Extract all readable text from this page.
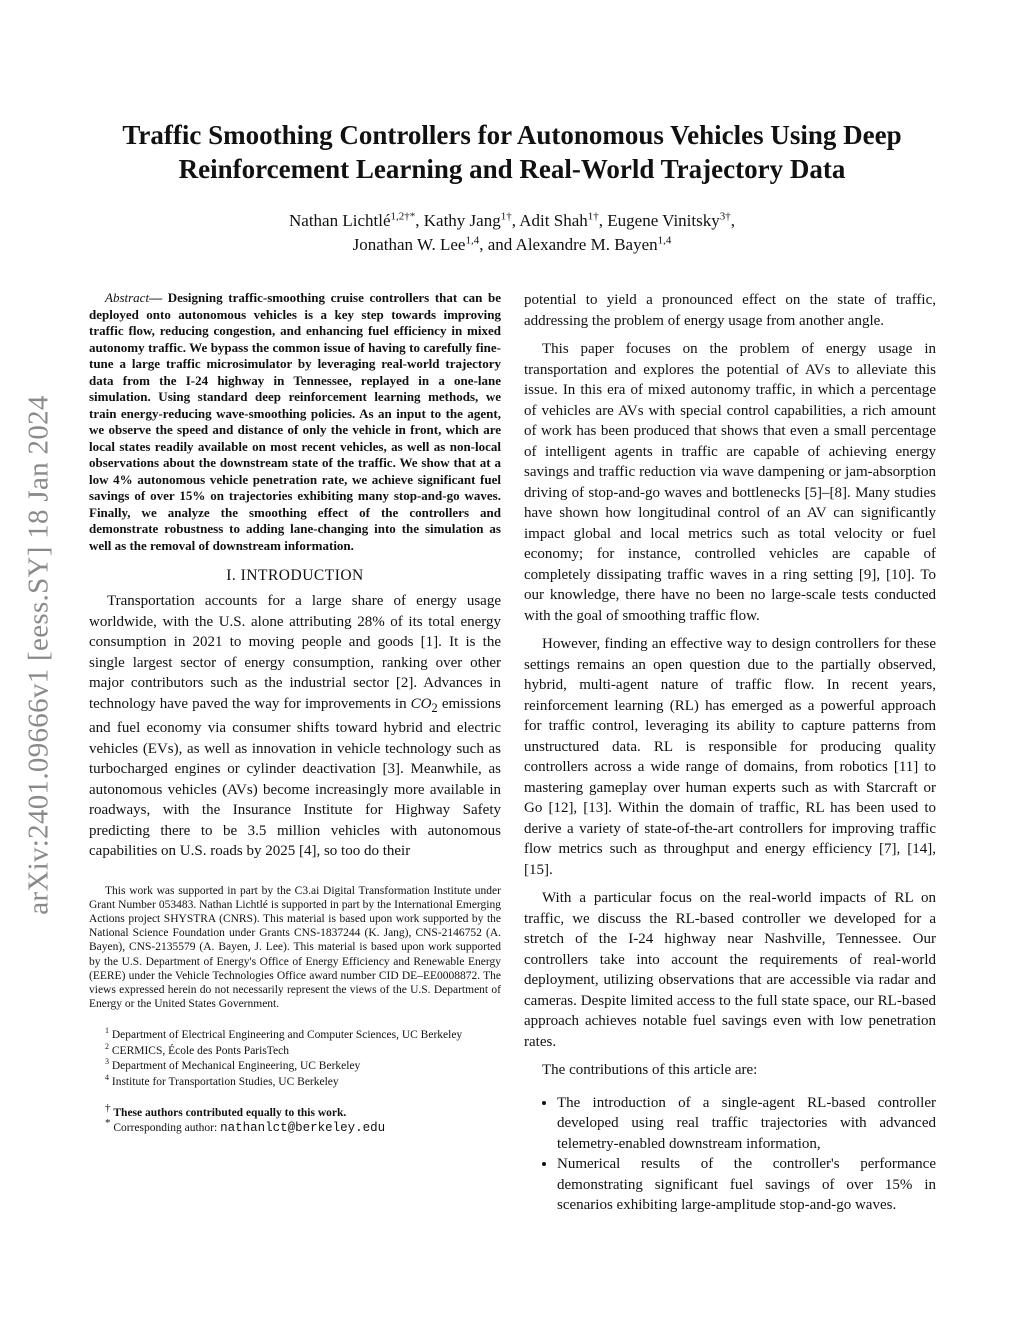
arXiv:2401.09666v1 [eess.SY] 18 Jan 2024
Traffic Smoothing Controllers for Autonomous Vehicles Using Deep Reinforcement Learning and Real-World Trajectory Data
Nathan Lichtlé$^{1,2\dagger*}$, Kathy Jang$^{1\dagger}$, Adit Shah$^{1\dagger}$, Eugene Vinitsky$^{3\dagger}$,
Jonathan W. Lee$^{1,4}$, and Alexandre M. Bayen$^{1,4}$

Abstract — Designing traffic-smoothing cruise controllers that can be deployed onto autonomous vehicles is a key step towards improving traffic flow, reducing congestion, and enhancing fuel efficiency in mixed autonomy traffic. We bypass the common issue of having to carefully fine-tune a large traffic microsimulator by leveraging real-world trajectory data from the I-24 highway in Tennessee, replayed in a one-lane simulation. Using standard deep reinforcement learning methods, we train energy-reducing wave-smoothing policies. As an input to the agent, we observe the speed and distance of only the vehicle in front, which are local states readily available on most recent vehicles, as well as non-local observations about the downstream state of the traffic. We show that at a low 4% autonomous vehicle penetration rate, we achieve significant fuel savings of over 15% on trajectories exhibiting many stop-and-go waves. Finally, we analyze the smoothing effect of the controllers and demonstrate robustness to adding lane-changing into the simulation as well as the removal of downstream information.

I. INTRODUCTION

Transportation accounts for a large share of energy usage worldwide, with the U.S. alone attributing 28% of its total energy consumption in 2021 to moving people and goods [1]. It is the single largest sector of energy consumption, ranking over other major contributors such as the industrial sector [2]. Advances in technology have paved the way for improvements in $CO_2$ emissions and fuel economy via consumer shifts toward hybrid and electric vehicles (EVs), as well as innovation in vehicle technology such as turbocharged engines or cylinder deactivation [3]. Meanwhile, as autonomous vehicles (AVs) become increasingly more available in roadways, with the Insurance Institute for Highway Safety predicting there to be 3.5 million vehicles with autonomous capabilities on U.S. roads by 2025 [4], so too do their

This work was supported in part by the C3.ai Digital Transformation Institute under Grant Number 053483. Nathan Lichtlé is supported in part by the International Emerging Actions project SHYSTRA (CNRS). This material is based upon work supported by the National Science Foundation under Grants CNS-1837244 (K. Jang), CNS-2146752 (A. Bayen), CNS-2135579 (A. Bayen, J. Lee). This material is based upon work supported by the U.S. Department of Energy's Office of Energy Efficiency and Renewable Energy (EERE) under the Vehicle Technologies Office award number CID DE–EE0008872. The views expressed herein do not necessarily represent the views of the U.S. Department of Energy or the United States Government.

$^1$ Department of Electrical Engineering and Computer Sciences, UC Berkeley
$^2$ CERMICS, École des Ponts ParisTech
$^3$ Department of Mechanical Engineering, UC Berkeley
$^4$ Institute for Transportation Studies, UC Berkeley
† These authors contributed equally to this work.
* Corresponding author: nathanlct@berkeley.edu

potential to yield a pronounced effect on the state of traffic, addressing the problem of energy usage from another angle.

This paper focuses on the problem of energy usage in transportation and explores the potential of AVs to alleviate this issue. In this era of mixed autonomy traffic, in which a percentage of vehicles are AVs with special control capabilities, a rich amount of work has been produced that shows that even a small percentage of intelligent agents in traffic are capable of achieving energy savings and traffic reduction via wave dampening or jam-absorption driving of stop-and-go waves and bottlenecks [5]–[8]. Many studies have shown how longitudinal control of an AV can significantly impact global and local metrics such as total velocity or fuel economy; for instance, controlled vehicles are capable of completely dissipating traffic waves in a ring setting [9], [10]. To our knowledge, there have no been no large-scale tests conducted with the goal of smoothing traffic flow.

However, finding an effective way to design controllers for these settings remains an open question due to the partially observed, hybrid, multi-agent nature of traffic flow. In recent years, reinforcement learning (RL) has emerged as a powerful approach for traffic control, leveraging its ability to capture patterns from unstructured data. RL is responsible for producing quality controllers across a wide range of domains, from robotics [11] to mastering gameplay over human experts such as with Starcraft or Go [12], [13]. Within the domain of traffic, RL has been used to derive a variety of state-of-the-art controllers for improving traffic flow metrics such as throughput and energy efficiency [7], [14], [15].

With a particular focus on the real-world impacts of RL on traffic, we discuss the RL-based controller we developed for a stretch of the I-24 highway near Nashville, Tennessee. Our controllers take into account the requirements of real-world deployment, utilizing observations that are accessible via radar and cameras. Despite limited access to the full state space, our RL-based approach achieves notable fuel savings even with low penetration rates.

The contributions of this article are:

• The introduction of a single-agent RL-based controller developed using real traffic trajectories with advanced telemetry-enabled downstream information,
• Numerical results of the controller's performance demonstrating significant fuel savings of over 15% in scenarios exhibiting large-amplitude stop-and-go waves.
